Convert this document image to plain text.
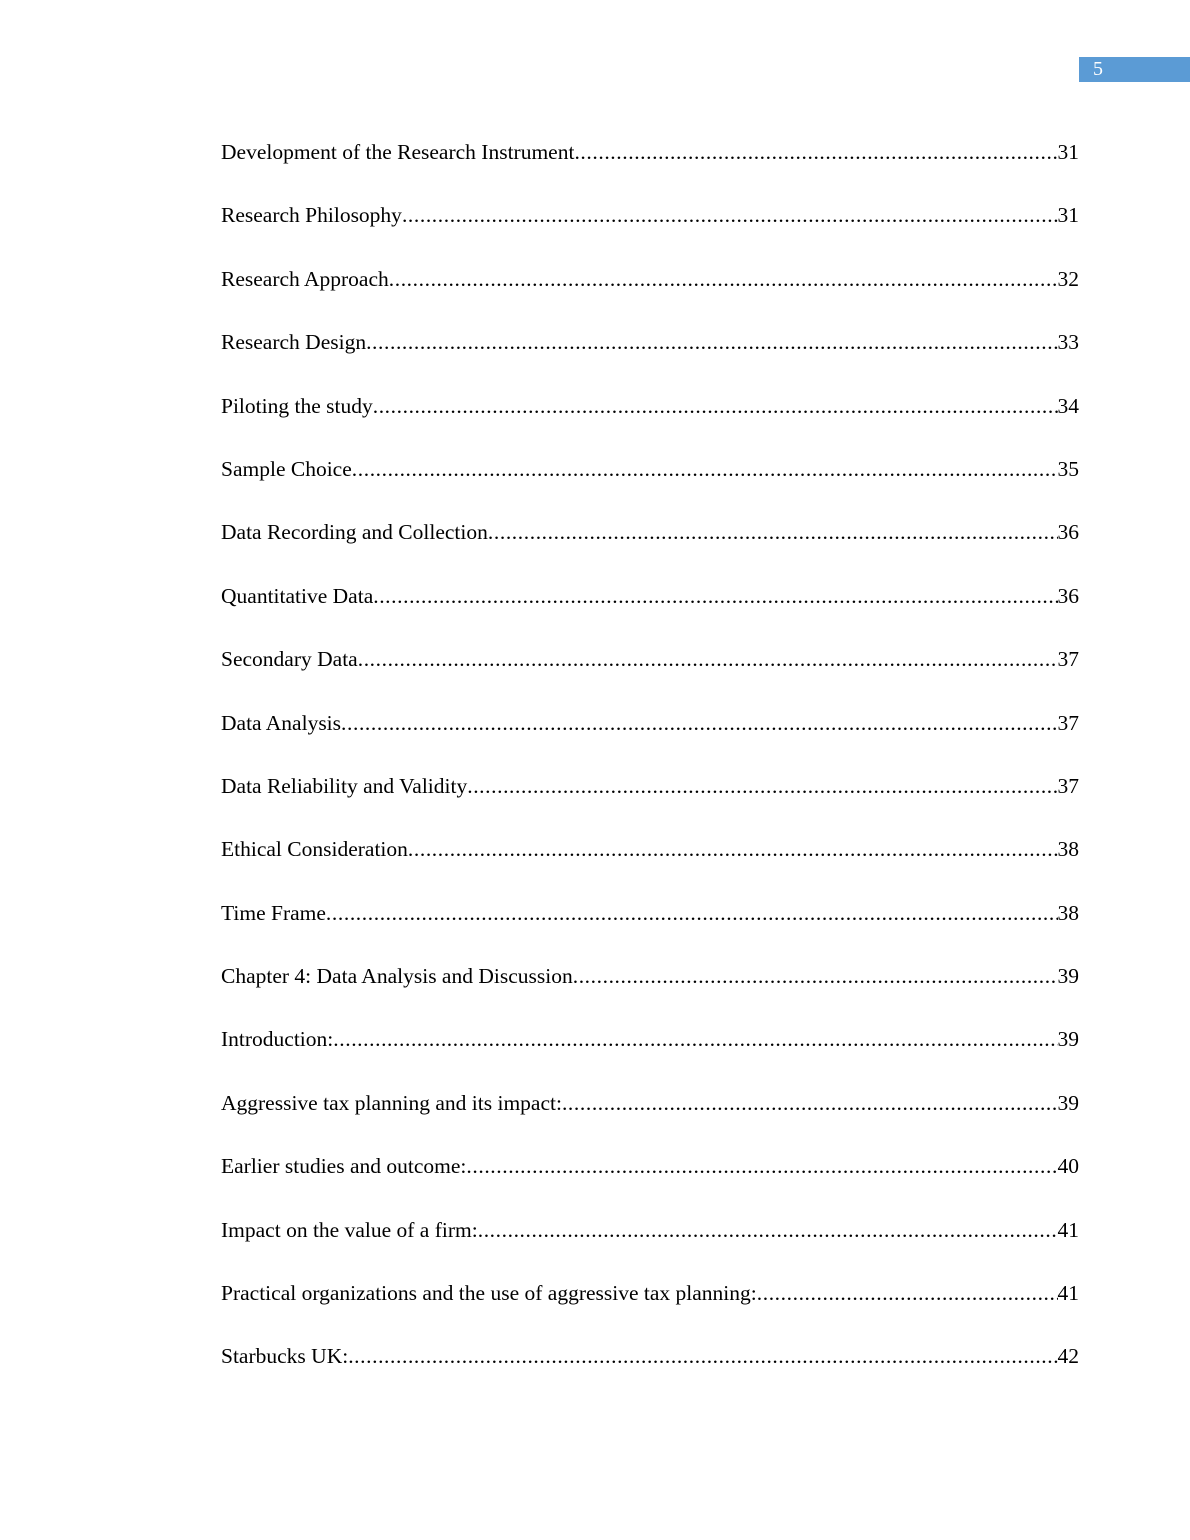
5
Development of the Research Instrument .....	31
Research Philosophy .....	31
Research Approach .....	32
Research Design .....	33
Piloting the study .....	34
Sample Choice .....	35
Data Recording and Collection .....	36
Quantitative Data .....	36
Secondary Data .....	37
Data Analysis .....	37
Data Reliability and Validity .....	37
Ethical Consideration .....	38
Time Frame .....	38
Chapter 4: Data Analysis and Discussion .....	39
Introduction: .....	39
Aggressive tax planning and its impact: .....	39
Earlier studies and outcome: .....	40
Impact on the value of a firm: .....	41
Practical organizations and the use of aggressive tax planning: .....	41
Starbucks UK: .....	42
